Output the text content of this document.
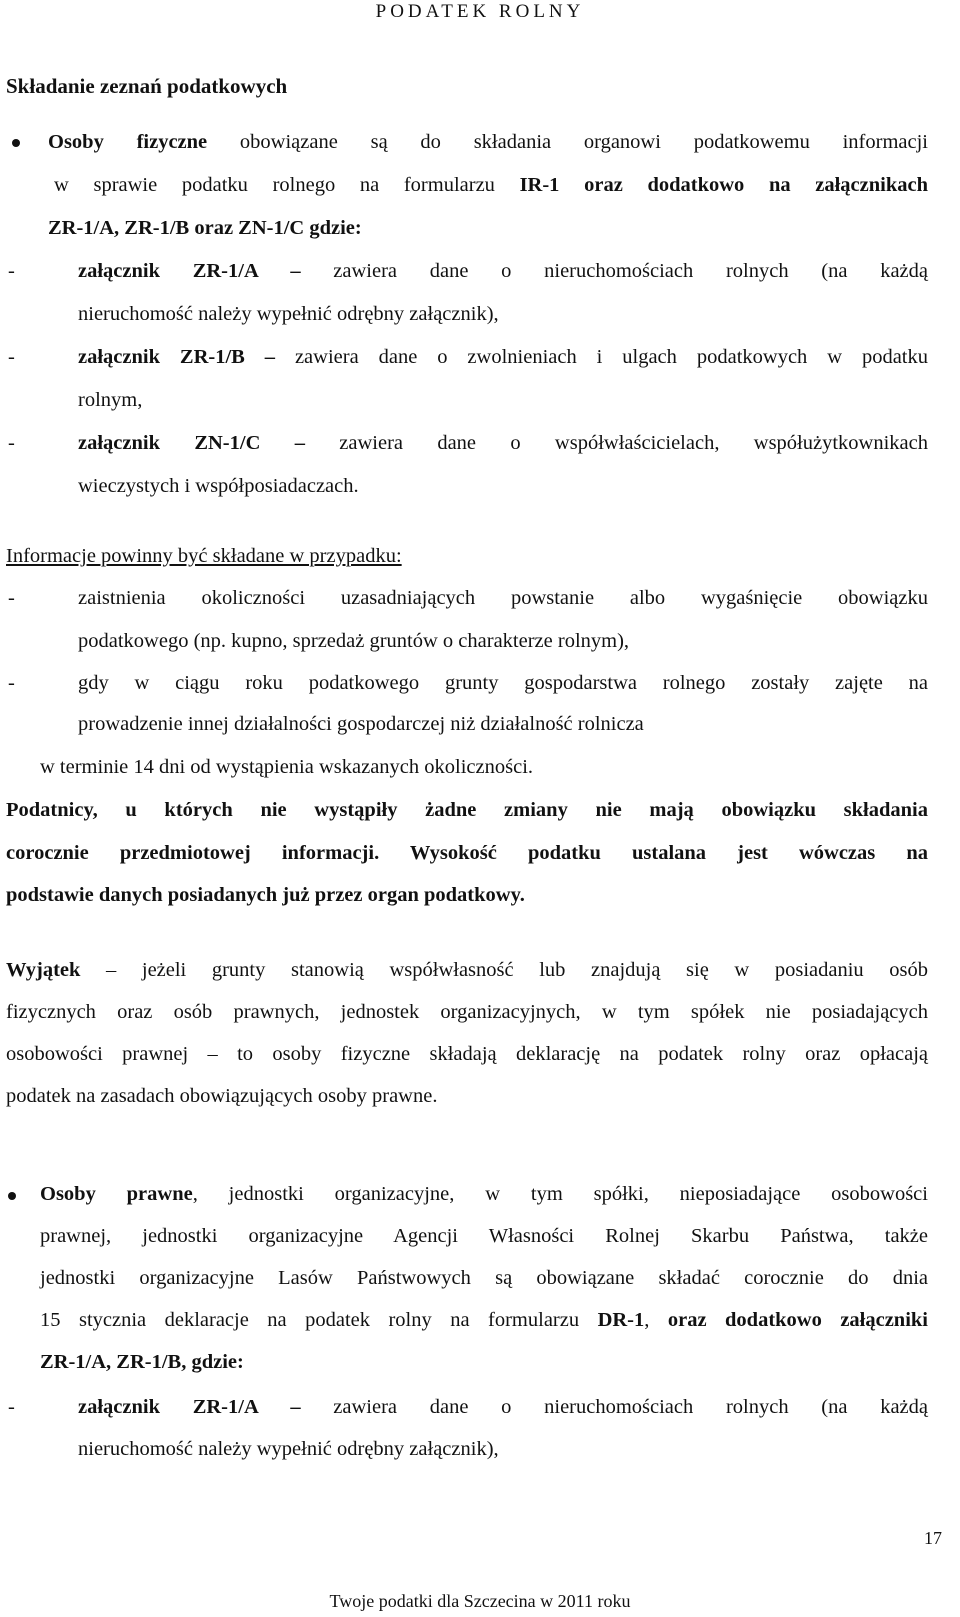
PODATEK ROLNY
Składanie zeznań podatkowych
Osoby fizyczne obowiązane są do składania organowi podatkowemu informacji
w sprawie podatku rolnego na formularzu IR-1 oraz dodatkowo na załącznikach
ZR-1/A, ZR-1/B oraz ZN-1/C gdzie:
-	załącznik ZR-1/A – zawiera dane o nieruchomościach rolnych (na każdą
nieruchomość należy wypełnić odrębny załącznik),
-	załącznik ZR-1/B – zawiera dane o zwolnieniach i ulgach podatkowych w podatku
rolnym,
-	załącznik ZN-1/C – zawiera dane o współwłaścicielach, współużytkownikach
wieczystych i współposiadaczach.
Informacje powinny być składane w przypadku:
-	zaistnienia okoliczności uzasadniających powstanie albo wygaśnięcie obowiązku
podatkowego (np. kupno, sprzedaż gruntów o charakterze rolnym),
-	gdy w ciągu roku podatkowego grunty gospodarstwa rolnego zostały zajęte na
prowadzenie innej działalności gospodarczej niż działalność rolnicza
w terminie 14 dni od wystąpienia wskazanych okoliczności.
Podatnicy, u których nie wystąpiły żadne zmiany nie mają obowiązku składania
corocznie przedmiotowej informacji. Wysokość podatku ustalana jest wówczas na
podstawie danych posiadanych już przez organ podatkowy.
Wyjątek – jeżeli grunty stanowią współwłasność lub znajdują się w posiadaniu osób
fizycznych oraz osób prawnych, jednostek organizacyjnych, w tym spółek nie posiadających
osobowości prawnej – to osoby fizyczne składają deklarację na podatek rolny oraz opłacają
podatek na zasadach obowiązujących osoby prawne.
Osoby prawne, jednostki organizacyjne, w tym spółki, nieposiadające osobowości
prawnej, jednostki organizacyjne Agencji Własności Rolnej Skarbu Państwa, także
jednostki organizacyjne Lasów Państwowych są obowiązane składać corocznie do dnia
15 stycznia deklaracje na podatek rolny na formularzu DR-1, oraz dodatkowo załączniki
ZR-1/A, ZR-1/B, gdzie:
-	załącznik ZR-1/A – zawiera dane o nieruchomościach rolnych (na każdą
nieruchomość należy wypełnić odrębny załącznik),
17
Twoje podatki dla Szczecina w 2011 roku
